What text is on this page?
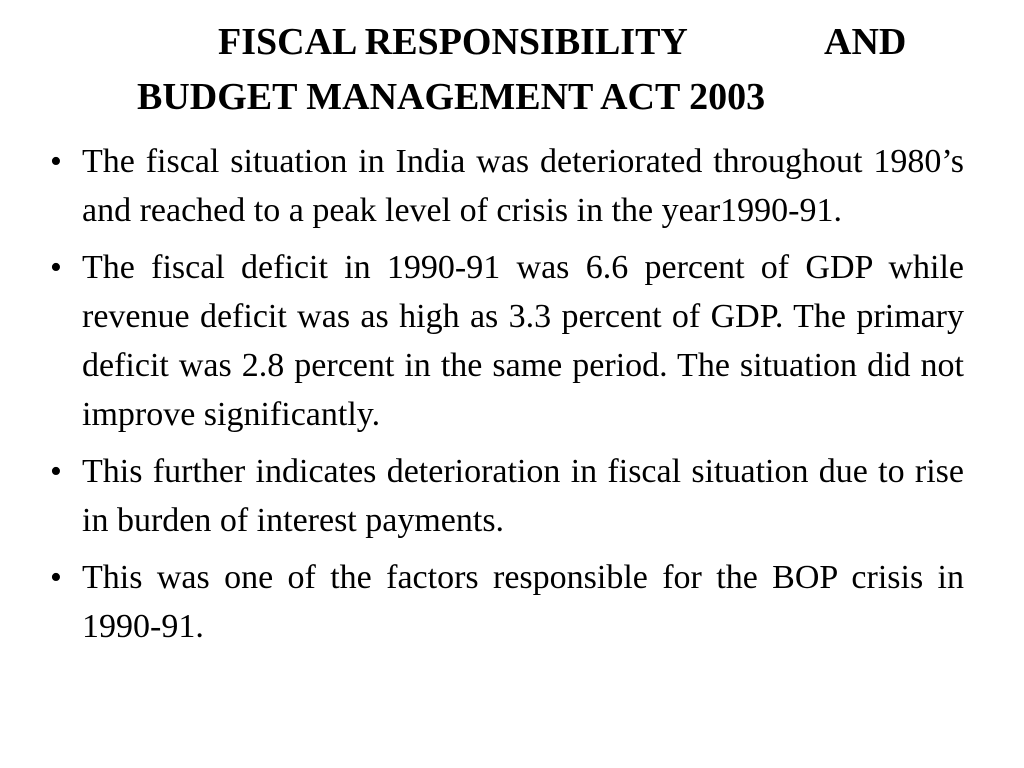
FISCAL RESPONSIBILITY	AND
BUDGET MANAGEMENT ACT 2003
• The fiscal situation in India was deteriorated throughout 1980’s and reached to a peak level of crisis in the year1990-91.
• The fiscal deficit in 1990-91 was 6.6 percent of GDP while revenue deficit was as high as 3.3 percent of GDP. The primary deficit was 2.8 percent in the same period. The situation did not improve significantly.
• This further indicates deterioration in fiscal situation due to rise in burden of interest payments.
• This was one of the factors responsible for the BOP crisis in 1990-91.
